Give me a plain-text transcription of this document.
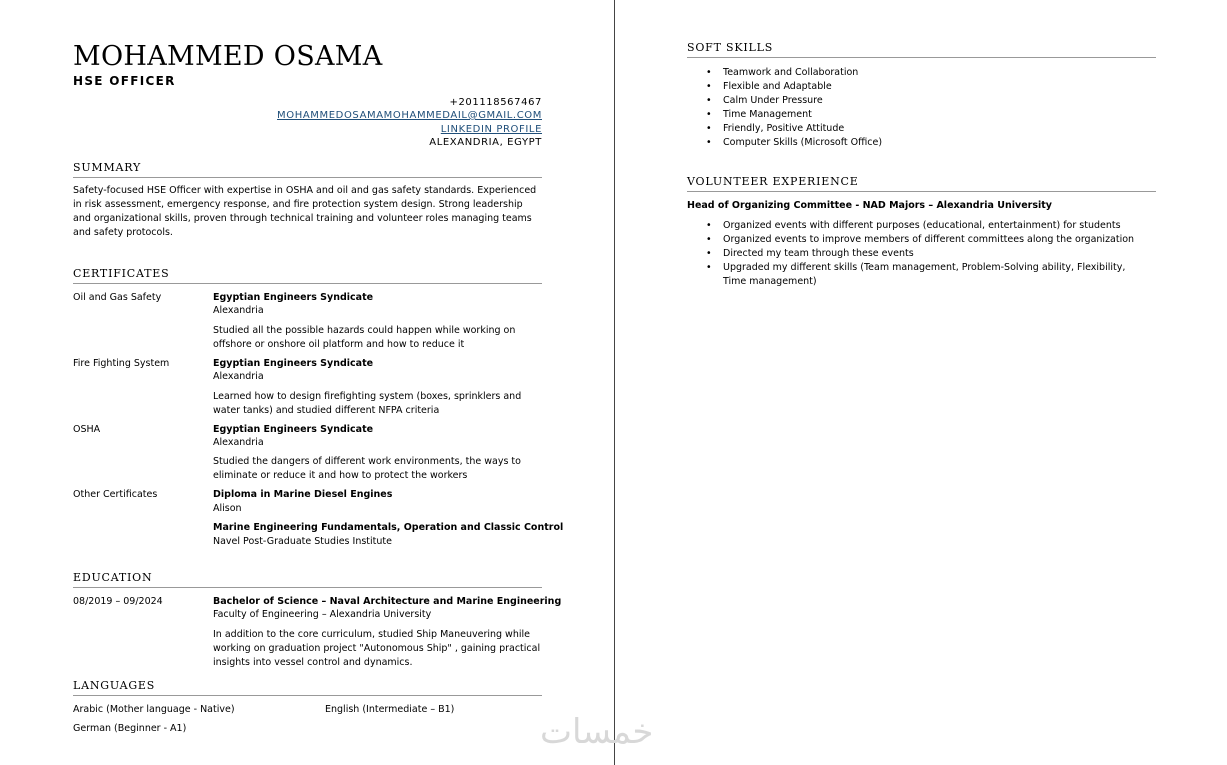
MOHAMMED OSAMA
HSE OFFICER
+201118567467
MOHAMMEDOSAMAMOHAMMEDAIL@GMAIL.COM
LINKEDIN PROFILE
ALEXANDRIA, EGYPT
SUMMARY
Safety-focused HSE Officer with expertise in OSHA and oil and gas safety standards. Experienced in risk assessment, emergency response, and fire protection system design. Strong leadership and organizational skills, proven through technical training and volunteer roles managing teams and safety protocols.
CERTIFICATES
Oil and Gas Safety	Egyptian Engineers Syndicate
Alexandria
Studied all the possible hazards could happen while working on offshore or onshore oil platform and how to reduce it
Fire Fighting System	Egyptian Engineers Syndicate
Alexandria
Learned how to design firefighting system (boxes, sprinklers and water tanks) and studied different NFPA criteria
OSHA	Egyptian Engineers Syndicate
Alexandria
Studied the dangers of different work environments, the ways to eliminate or reduce it and how to protect the workers
Other Certificates	Diploma in Marine Diesel Engines
Alison
Marine Engineering Fundamentals, Operation and Classic Control
Navel Post-Graduate Studies Institute
EDUCATION
08/2019 – 09/2024	Bachelor of Science – Naval Architecture and Marine Engineering
Faculty of Engineering – Alexandria University
In addition to the core curriculum, studied Ship Maneuvering while working on graduation project "Autonomous Ship" , gaining practical insights into vessel control and dynamics.
LANGUAGES
Arabic (Mother language - Native)	English (Intermediate – B1)
German (Beginner - A1)
SOFT SKILLS
• Teamwork and Collaboration
• Flexible and Adaptable
• Calm Under Pressure
• Time Management
• Friendly, Positive Attitude
• Computer Skills (Microsoft Office)
VOLUNTEER EXPERIENCE
Head of Organizing Committee - NAD Majors – Alexandria University
• Organized events with different purposes (educational, entertainment) for students
• Organized events to improve members of different committees along the organization
• Directed my team through these events
• Upgraded my different skills (Team management, Problem-Solving ability, Flexibility, Time management)
خمسات
